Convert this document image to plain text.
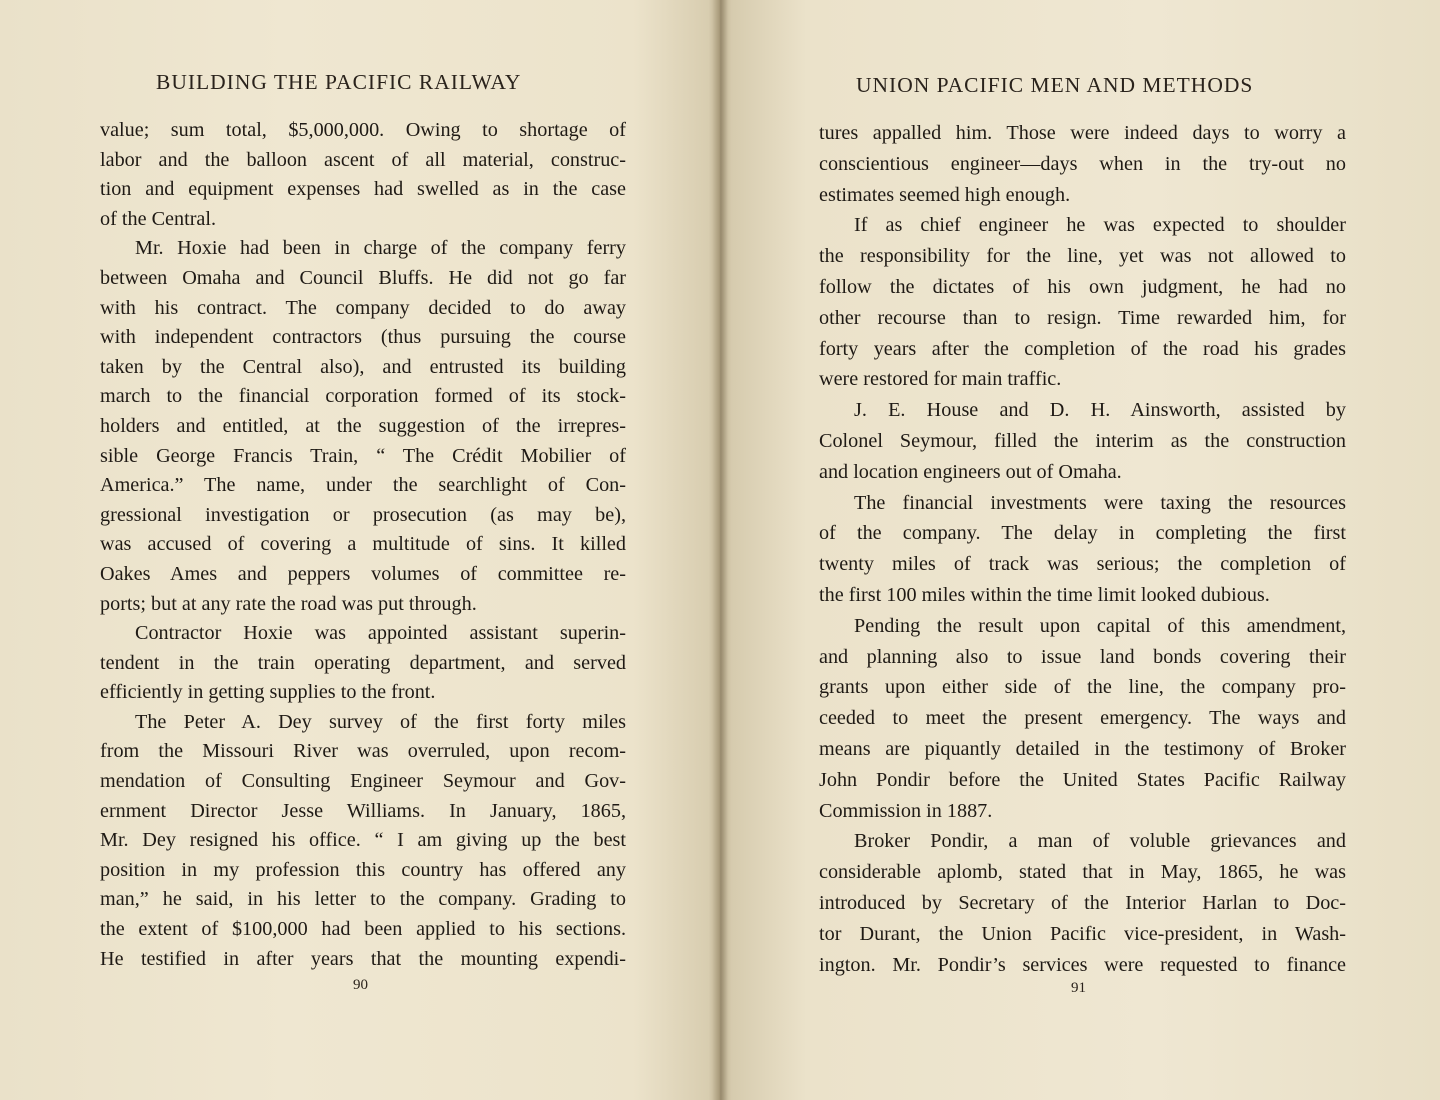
BUILDING THE PACIFIC RAILWAY
value; sum total, $5,000,000. Owing to shortage of
labor and the balloon ascent of all material, construc-
tion and equipment expenses had swelled as in the case
of the Central.
Mr. Hoxie had been in charge of the company ferry
between Omaha and Council Bluffs. He did not go far
with his contract. The company decided to do away
with independent contractors (thus pursuing the course
taken by the Central also), and entrusted its building
march to the financial corporation formed of its stock-
holders and entitled, at the suggestion of the irrepres-
sible George Francis Train, “ The Crédit Mobilier of
America.” The name, under the searchlight of Con-
gressional investigation or prosecution (as may be),
was accused of covering a multitude of sins. It killed
Oakes Ames and peppers volumes of committee re-
ports; but at any rate the road was put through.
Contractor Hoxie was appointed assistant superin-
tendent in the train operating department, and served
efficiently in getting supplies to the front.
The Peter A. Dey survey of the first forty miles
from the Missouri River was overruled, upon recom-
mendation of Consulting Engineer Seymour and Gov-
ernment Director Jesse Williams. In January, 1865,
Mr. Dey resigned his office. “ I am giving up the best
position in my profession this country has offered any
man,” he said, in his letter to the company. Grading to
the extent of $100,000 had been applied to his sections.
He testified in after years that the mounting expendi-
90
UNION PACIFIC MEN AND METHODS
tures appalled him. Those were indeed days to worry a
conscientious engineer—days when in the try-out no
estimates seemed high enough.
If as chief engineer he was expected to shoulder
the responsibility for the line, yet was not allowed to
follow the dictates of his own judgment, he had no
other recourse than to resign. Time rewarded him, for
forty years after the completion of the road his grades
were restored for main traffic.
J. E. House and D. H. Ainsworth, assisted by
Colonel Seymour, filled the interim as the construction
and location engineers out of Omaha.
The financial investments were taxing the resources
of the company. The delay in completing the first
twenty miles of track was serious; the completion of
the first 100 miles within the time limit looked dubious.
Pending the result upon capital of this amendment,
and planning also to issue land bonds covering their
grants upon either side of the line, the company pro-
ceeded to meet the present emergency. The ways and
means are piquantly detailed in the testimony of Broker
John Pondir before the United States Pacific Railway
Commission in 1887.
Broker Pondir, a man of voluble grievances and
considerable aplomb, stated that in May, 1865, he was
introduced by Secretary of the Interior Harlan to Doc-
tor Durant, the Union Pacific vice-president, in Wash-
ington. Mr. Pondir’s services were requested to finance
91
